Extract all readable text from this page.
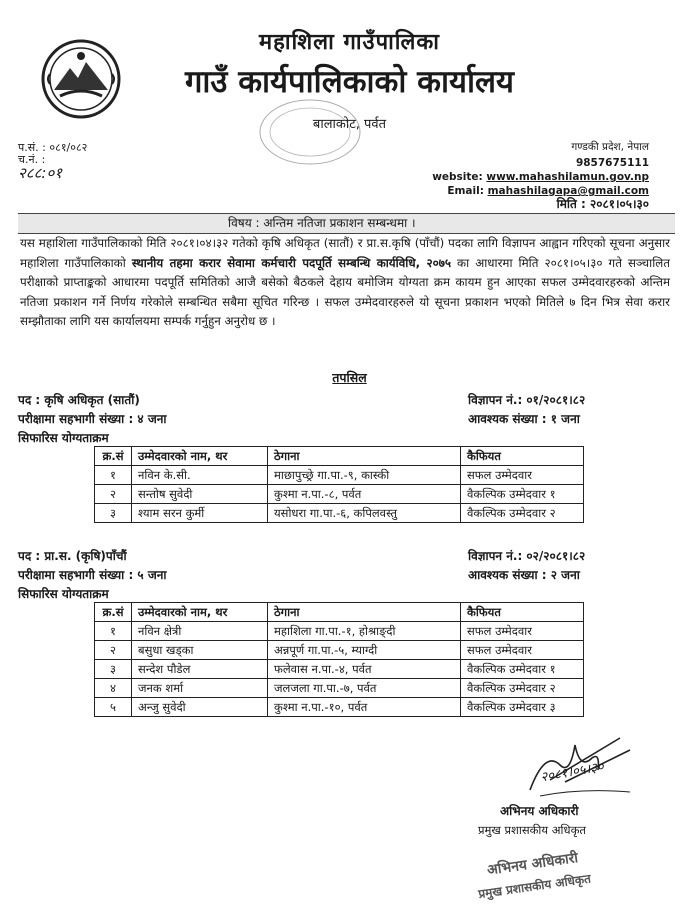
महाशिला गाउँपालिका
गाउँ कार्यपालिकाको कार्यालय
बालाकोट, पर्वत
प.सं. : ०८१/०८२
च.नं. :
२८८:०१
गण्डकी प्रदेश, नेपाल
9857675111
website: www.mahashilamun.gov.np
Email: mahashilagapa@gmail.com
मिति : २०८१।०५।३०
विषय : अन्तिम नतिजा प्रकाशन सम्बन्धमा ।
यस महाशिला गाउँपालिकाको मिति २०८१।०४।३२ गतेको कृषि अधिकृत (सातौं) र प्रा.स.कृषि (पाँचौं) पदका लागि विज्ञापन आह्वान गरिएको सूचना अनुसार महाशिला गाउँपालिकाको स्थानीय तहमा करार सेवामा कर्मचारी पदपूर्ति सम्बन्धि कार्यविधि, २०७५ का आधारमा मिति २०८१।०५।३० गते सञ्चालित परीक्षाको प्राप्ताङ्कको आधारमा पदपूर्ति समितिको आजै बसेको बैठकले देहाय बमोजिम योग्यता क्रम कायम हुन आएका सफल उम्मेदवारहरुको अन्तिम नतिजा प्रकाशन गर्ने निर्णय गरेकोले सम्बन्धित सबैमा सूचित गरिन्छ । सफल उम्मेदवारहरुले यो सूचना प्रकाशन भएको मितिले ७ दिन भित्र सेवा करार सम्झौताका लागि यस कार्यालयमा सम्पर्क गर्नुहुन अनुरोध छ ।
तपसिल
पद : कृषि अधिकृत (सातौं)	विज्ञापन नं.: ०१/२०८१।८२
परीक्षामा सहभागी संख्या : ४ जना	आवश्यक संख्या : १ जना
सिफारिस योग्यताक्रम
क्र.सं	उम्मेदवारको नाम, थर	ठेगाना	कैफियत
१	नविन के.सी.	माछापुच्छ्रे गा.पा.-९, कास्की	सफल उम्मेदवार
२	सन्तोष सुवेदी	कुश्मा न.पा.-८, पर्वत	वैकल्पिक उम्मेदवार १
३	श्याम सरन कुर्मी	यसोधरा गा.पा.-६, कपिलवस्तु	वैकल्पिक उम्मेदवार २
पद : प्रा.स. (कृषि)पाँचौं	विज्ञापन नं.: ०२/२०८१।८२
परीक्षामा सहभागी संख्या : ५ जना	आवश्यक संख्या : २ जना
सिफारिस योग्यताक्रम
क्र.सं	उम्मेदवारको नाम, थर	ठेगाना	कैफियत
१	नविन क्षेत्री	महाशिला गा.पा.-१, होश्राङ्दी	सफल उम्मेदवार
२	बसुधा खड्का	अन्नपूर्ण गा.पा.-५, म्याग्दी	सफल उम्मेदवार
३	सन्देश पौडेल	फलेवास न.पा.-४, पर्वत	वैकल्पिक उम्मेदवार १
४	जनक शर्मा	जलजला गा.पा.-७, पर्वत	वैकल्पिक उम्मेदवार २
५	अन्जु सुवेदी	कुश्मा न.पा.-१०, पर्वत	वैकल्पिक उम्मेदवार ३
२०८१।०५।३०
अभिनय अधिकारी
प्रमुख प्रशासकीय अधिकृत
अभिनय अधिकारी
प्रमुख प्रशासकीय अधिकृत
